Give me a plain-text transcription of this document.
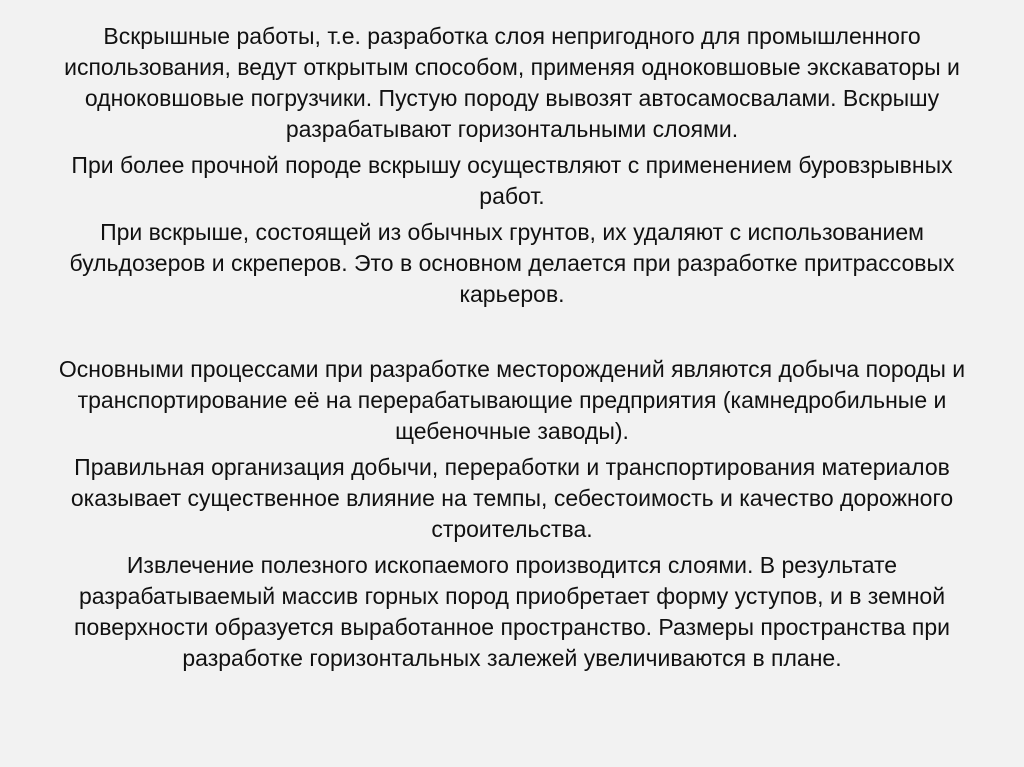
Вскрышные работы, т.е. разработка слоя непригодного для промышленного использования, ведут открытым способом, применяя одноковшовые экскаваторы и одноковшовые погрузчики. Пустую породу вывозят автосамосвалами. Вскрышу разрабатывают горизонтальными слоями.

При более прочной породе вскрышу осуществляют с применением буровзрывных работ.

При вскрыше, состоящей из обычных грунтов, их удаляют с использованием бульдозеров и скреперов. Это в основном делается при разработке притрассовых карьеров.

Основными процессами при разработке месторождений являются добыча породы и транспортирование её на перерабатывающие предприятия (камнедробильные и щебеночные заводы).

Правильная организация добычи, переработки и транспортирования материалов оказывает существенное влияние на темпы, себестоимость и качество дорожного строительства.

Извлечение полезного ископаемого производится слоями. В результате разрабатываемый массив горных пород приобретает форму уступов, и в земной поверхности образуется выработанное пространство. Размеры пространства при разработке горизонтальных залежей увеличиваются в плане.
